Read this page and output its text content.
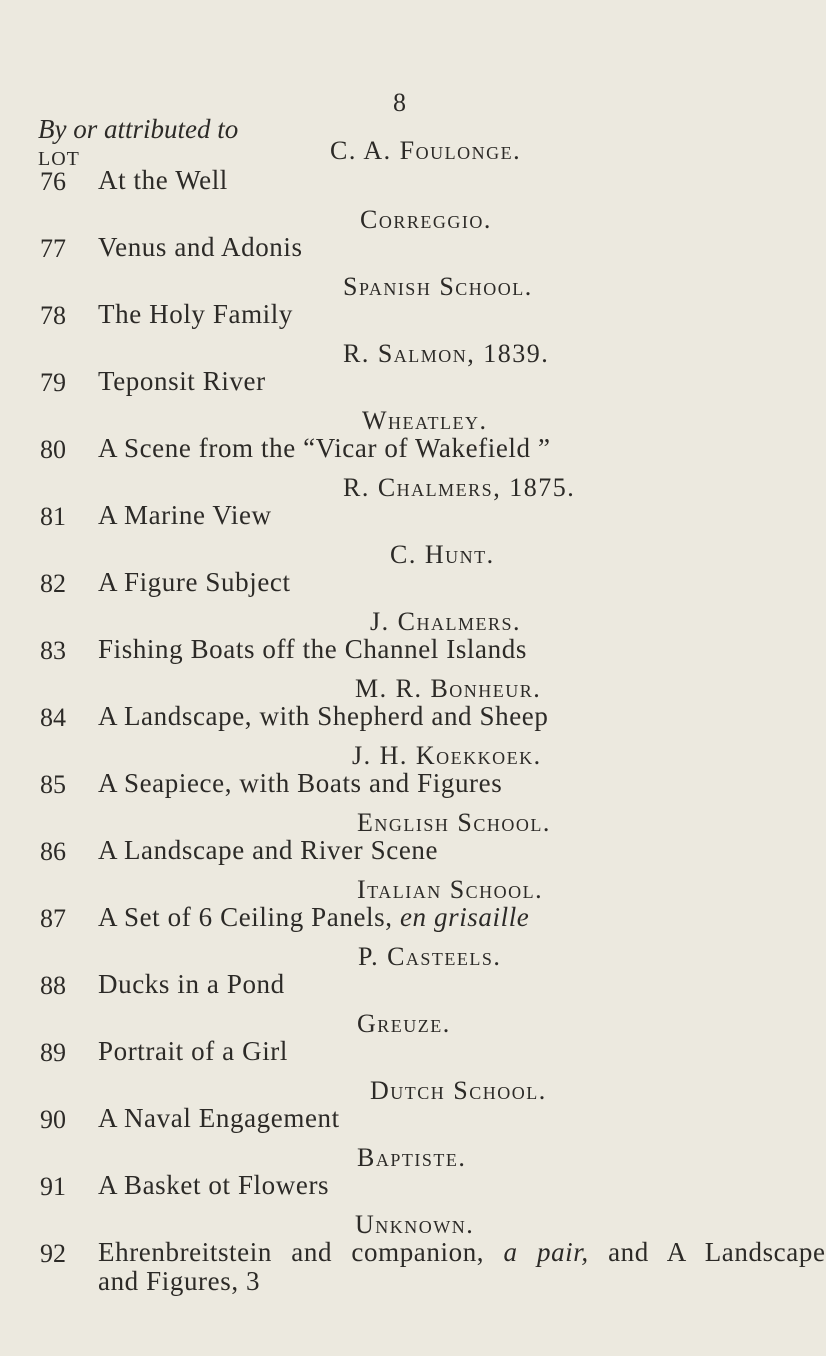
8
By or attributed to
LOT	C. A. Foulonge.
76 At the Well
Correggio.
77 Venus and Adonis
Spanish School.
78 The Holy Family
R. Salmon, 1839.
79 Teponsit River
Wheatley.
80 A Scene from the “Vicar of Wakefield ”
R. Chalmers, 1875.
81 A Marine View
C. Hunt.
82 A Figure Subject
J. Chalmers.
83 Fishing Boats off the Channel Islands
M. R. Bonheur.
84 A Landscape, with Shepherd and Sheep
J. H. Koekkoek.
85 A Seapiece, with Boats and Figures
English School.
86 A Landscape and River Scene
Italian School.
87 A Set of 6 Ceiling Panels, en grisaille
P. Casteels.
88 Ducks in a Pond
Greuze.
89 Portrait of a Girl
Dutch School.
90 A Naval Engagement
Baptiste.
91 A Basket ot Flowers
Unknown.
92 Ehrenbreitstein and companion, a pair, and A Landscape
and Figures, 3
